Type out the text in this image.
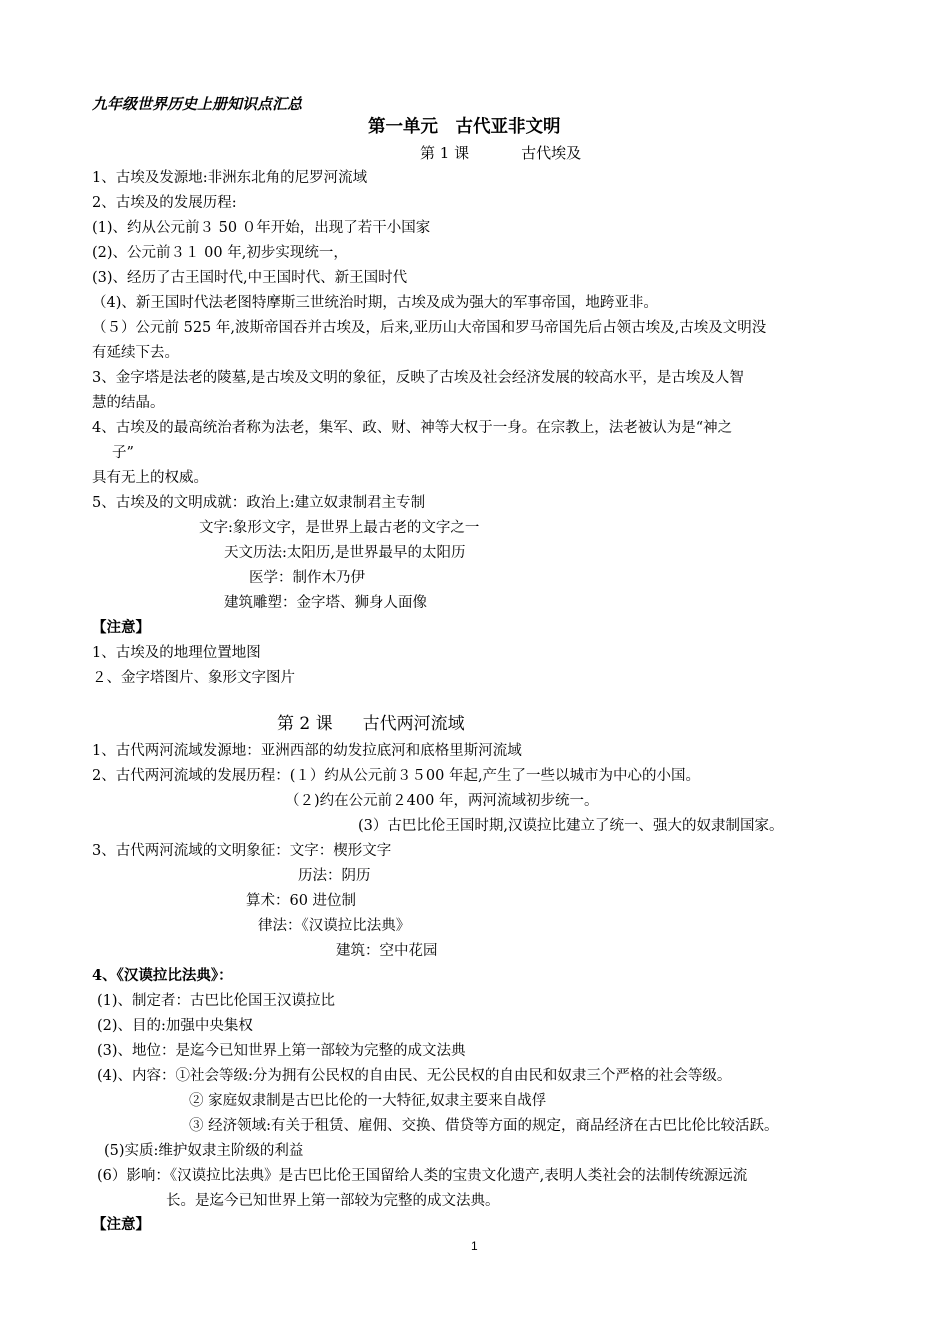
九年级世界历史上册知识点汇总
第一单元　古代亚非文明
第 1 课	古代埃及
1、古埃及发源地:非洲东北角的尼罗河流域
2、古埃及的发展历程:
(1)、约从公元前３ 50 ０年开始，出现了若干小国家
(2)、公元前３１ 00 年,初步实现统一，
(3)、经历了古王国时代,中王国时代、新王国时代
（4)、新王国时代法老图特摩斯三世统治时期，古埃及成为强大的军事帝国，地跨亚非。
（５）公元前 525 年,波斯帝国吞并古埃及，后来,亚历山大帝国和罗马帝国先后占领古埃及,古埃及文明没
有延续下去。
3、金字塔是法老的陵墓,是古埃及文明的象征，反映了古埃及社会经济发展的较高水平，是古埃及人智
慧的结晶。
4、古埃及的最高统治者称为法老，集军、政、财、神等大权于一身。在宗教上，法老被认为是“神之
子”
具有无上的权威。
5、古埃及的文明成就：政治上:建立奴隶制君主专制
文字:象形文字，是世界上最古老的文字之一
天文历法:太阳历,是世界最早的太阳历
医学：制作木乃伊
建筑雕塑：金字塔、狮身人面像
【注意】
1、古埃及的地理位置地图
２、金字塔图片、象形文字图片
第 2 课 古代两河流域
1、古代两河流域发源地：亚洲西部的幼发拉底河和底格里斯河流域
2、古代两河流域的发展历程：(１）约从公元前３５00 年起,产生了一些以城市为中心的小国。
（２)约在公元前２400 年，两河流域初步统一。
(3）古巴比伦王国时期,汉谟拉比建立了统一、强大的奴隶制国家。
3、古代两河流域的文明象征：文字：楔形文字
历法：阴历
算术：60 进位制
律法：《汉谟拉比法典》
建筑：空中花园
4、《汉谟拉比法典》：
(1)、制定者：古巴比伦国王汉谟拉比
(2)、目的:加强中央集权
(3)、地位：是迄今已知世界上第一部较为完整的成文法典
(4)、内容：①社会等级:分为拥有公民权的自由民、无公民权的自由民和奴隶三个严格的社会等级。
② 家庭奴隶制是古巴比伦的一大特征,奴隶主要来自战俘
③ 经济领域:有关于租赁、雇佣、交换、借贷等方面的规定，商品经济在古巴比伦比较活跃。
(5)实质:维护奴隶主阶级的利益
(6）影响：《汉谟拉比法典》是古巴比伦王国留给人类的宝贵文化遗产,表明人类社会的法制传统源远流
长。是迄今已知世界上第一部较为完整的成文法典。
【注意】
1
